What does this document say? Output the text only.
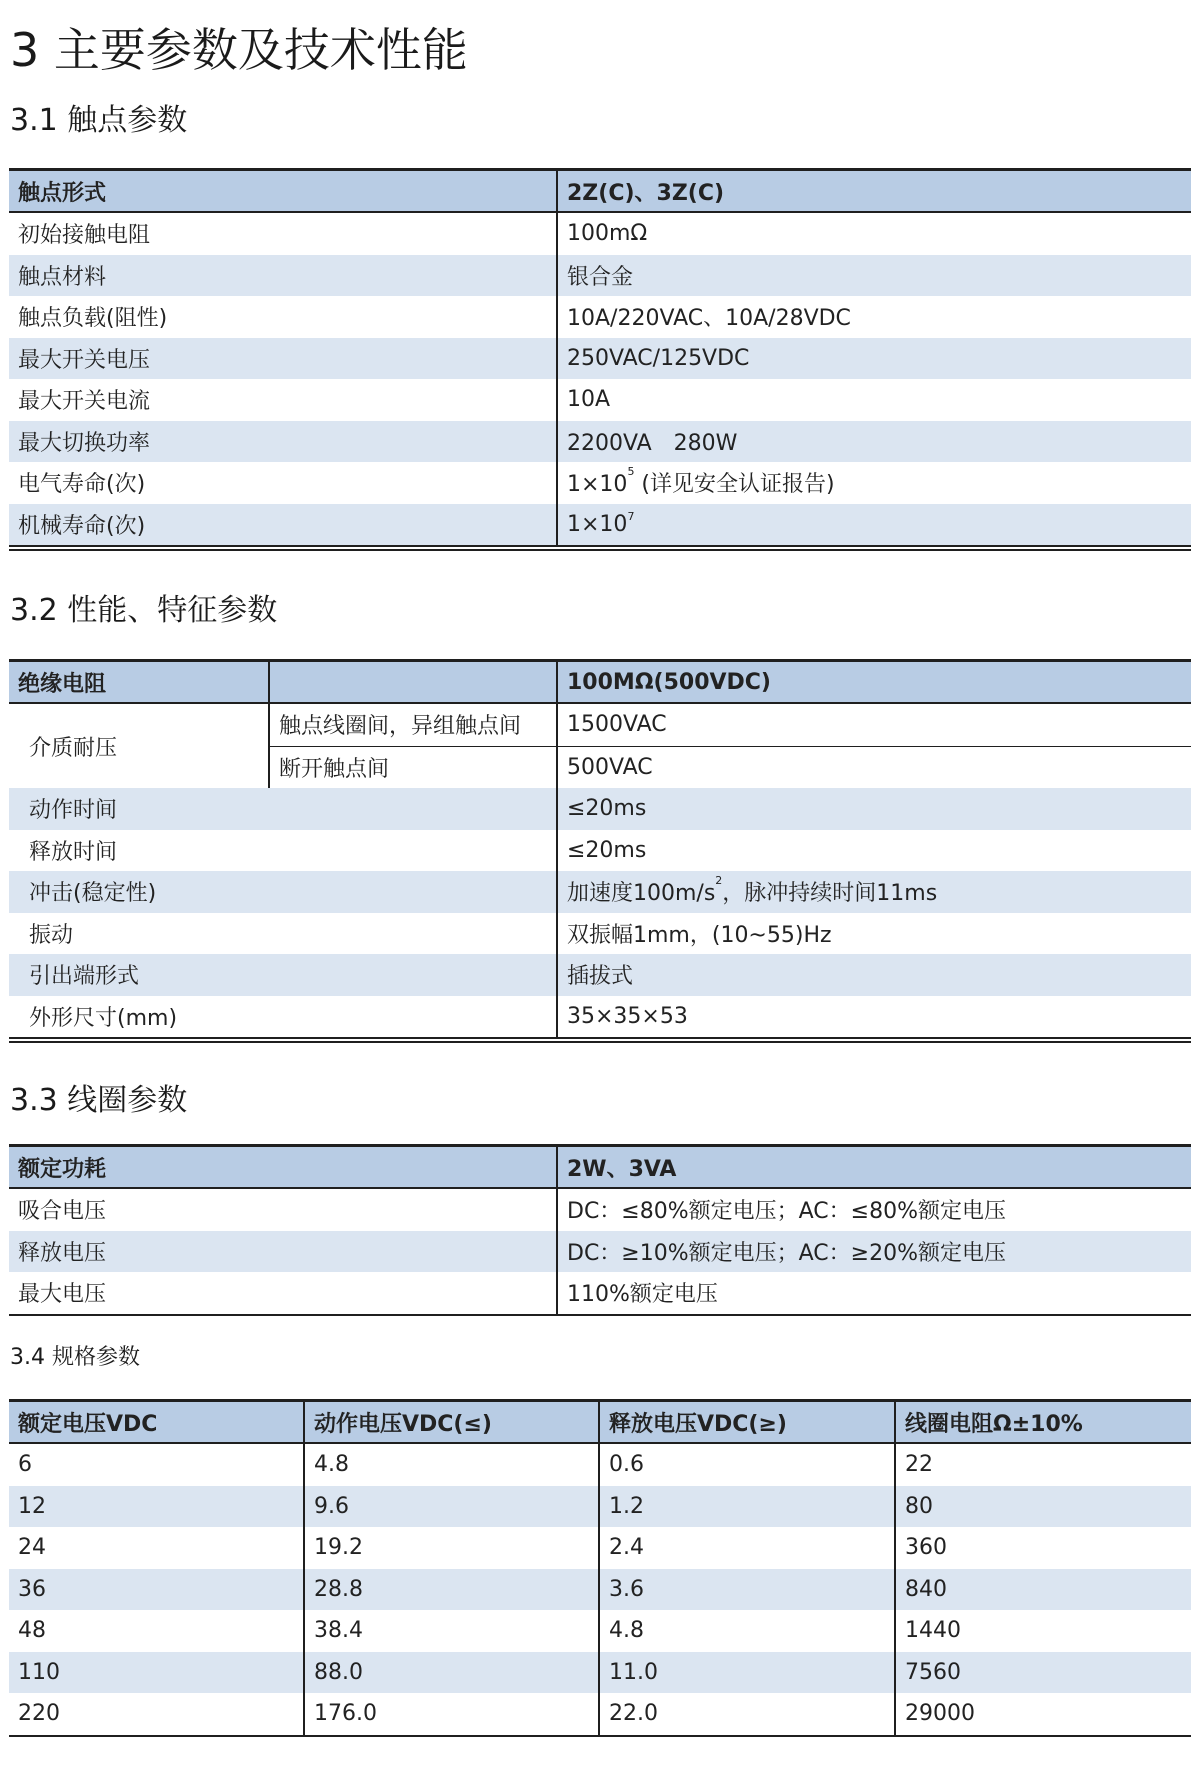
3 主要参数及技术性能
3.1 触点参数
触点形式	2Z(C)、3Z(C)
初始接触电阻	100mΩ
触点材料	银合金
触点负载(阻性)	10A/220VAC、10A/28VDC
最大开关电压	250VAC/125VDC
最大开关电流	10A
最大切换功率	2200VA　280W
电气寿命(次)	$1\times 10^5$ (详见安全认证报告)
机械寿命(次)	$1\times 10^7$
3.2 性能、特征参数
绝缘电阻		100MΩ(500VDC)
介质耐压	触点线圈间，异组触点间	1500VAC
	断开触点间	500VAC
动作时间		≤20ms
释放时间		≤20ms
冲击(稳定性)		加速度$100m/s^2$，脉冲持续时间11ms
振动		双振幅1mm，(10~55)Hz
引出端形式		插拔式
外形尺寸(mm)		35×35×53
3.3 线圈参数
额定功耗	2W、3VA
吸合电压	DC：≤80%额定电压；AC：≤80%额定电压
释放电压	DC：≥10%额定电压；AC：≥20%额定电压
最大电压	110%额定电压
3.4 规格参数
额定电压VDC	动作电压VDC(≤)	释放电压VDC(≥)	线圈电阻Ω±10%
6	4.8	0.6	22
12	9.6	1.2	80
24	19.2	2.4	360
36	28.8	3.6	840
48	38.4	4.8	1440
110	88.0	11.0	7560
220	176.0	22.0	29000
